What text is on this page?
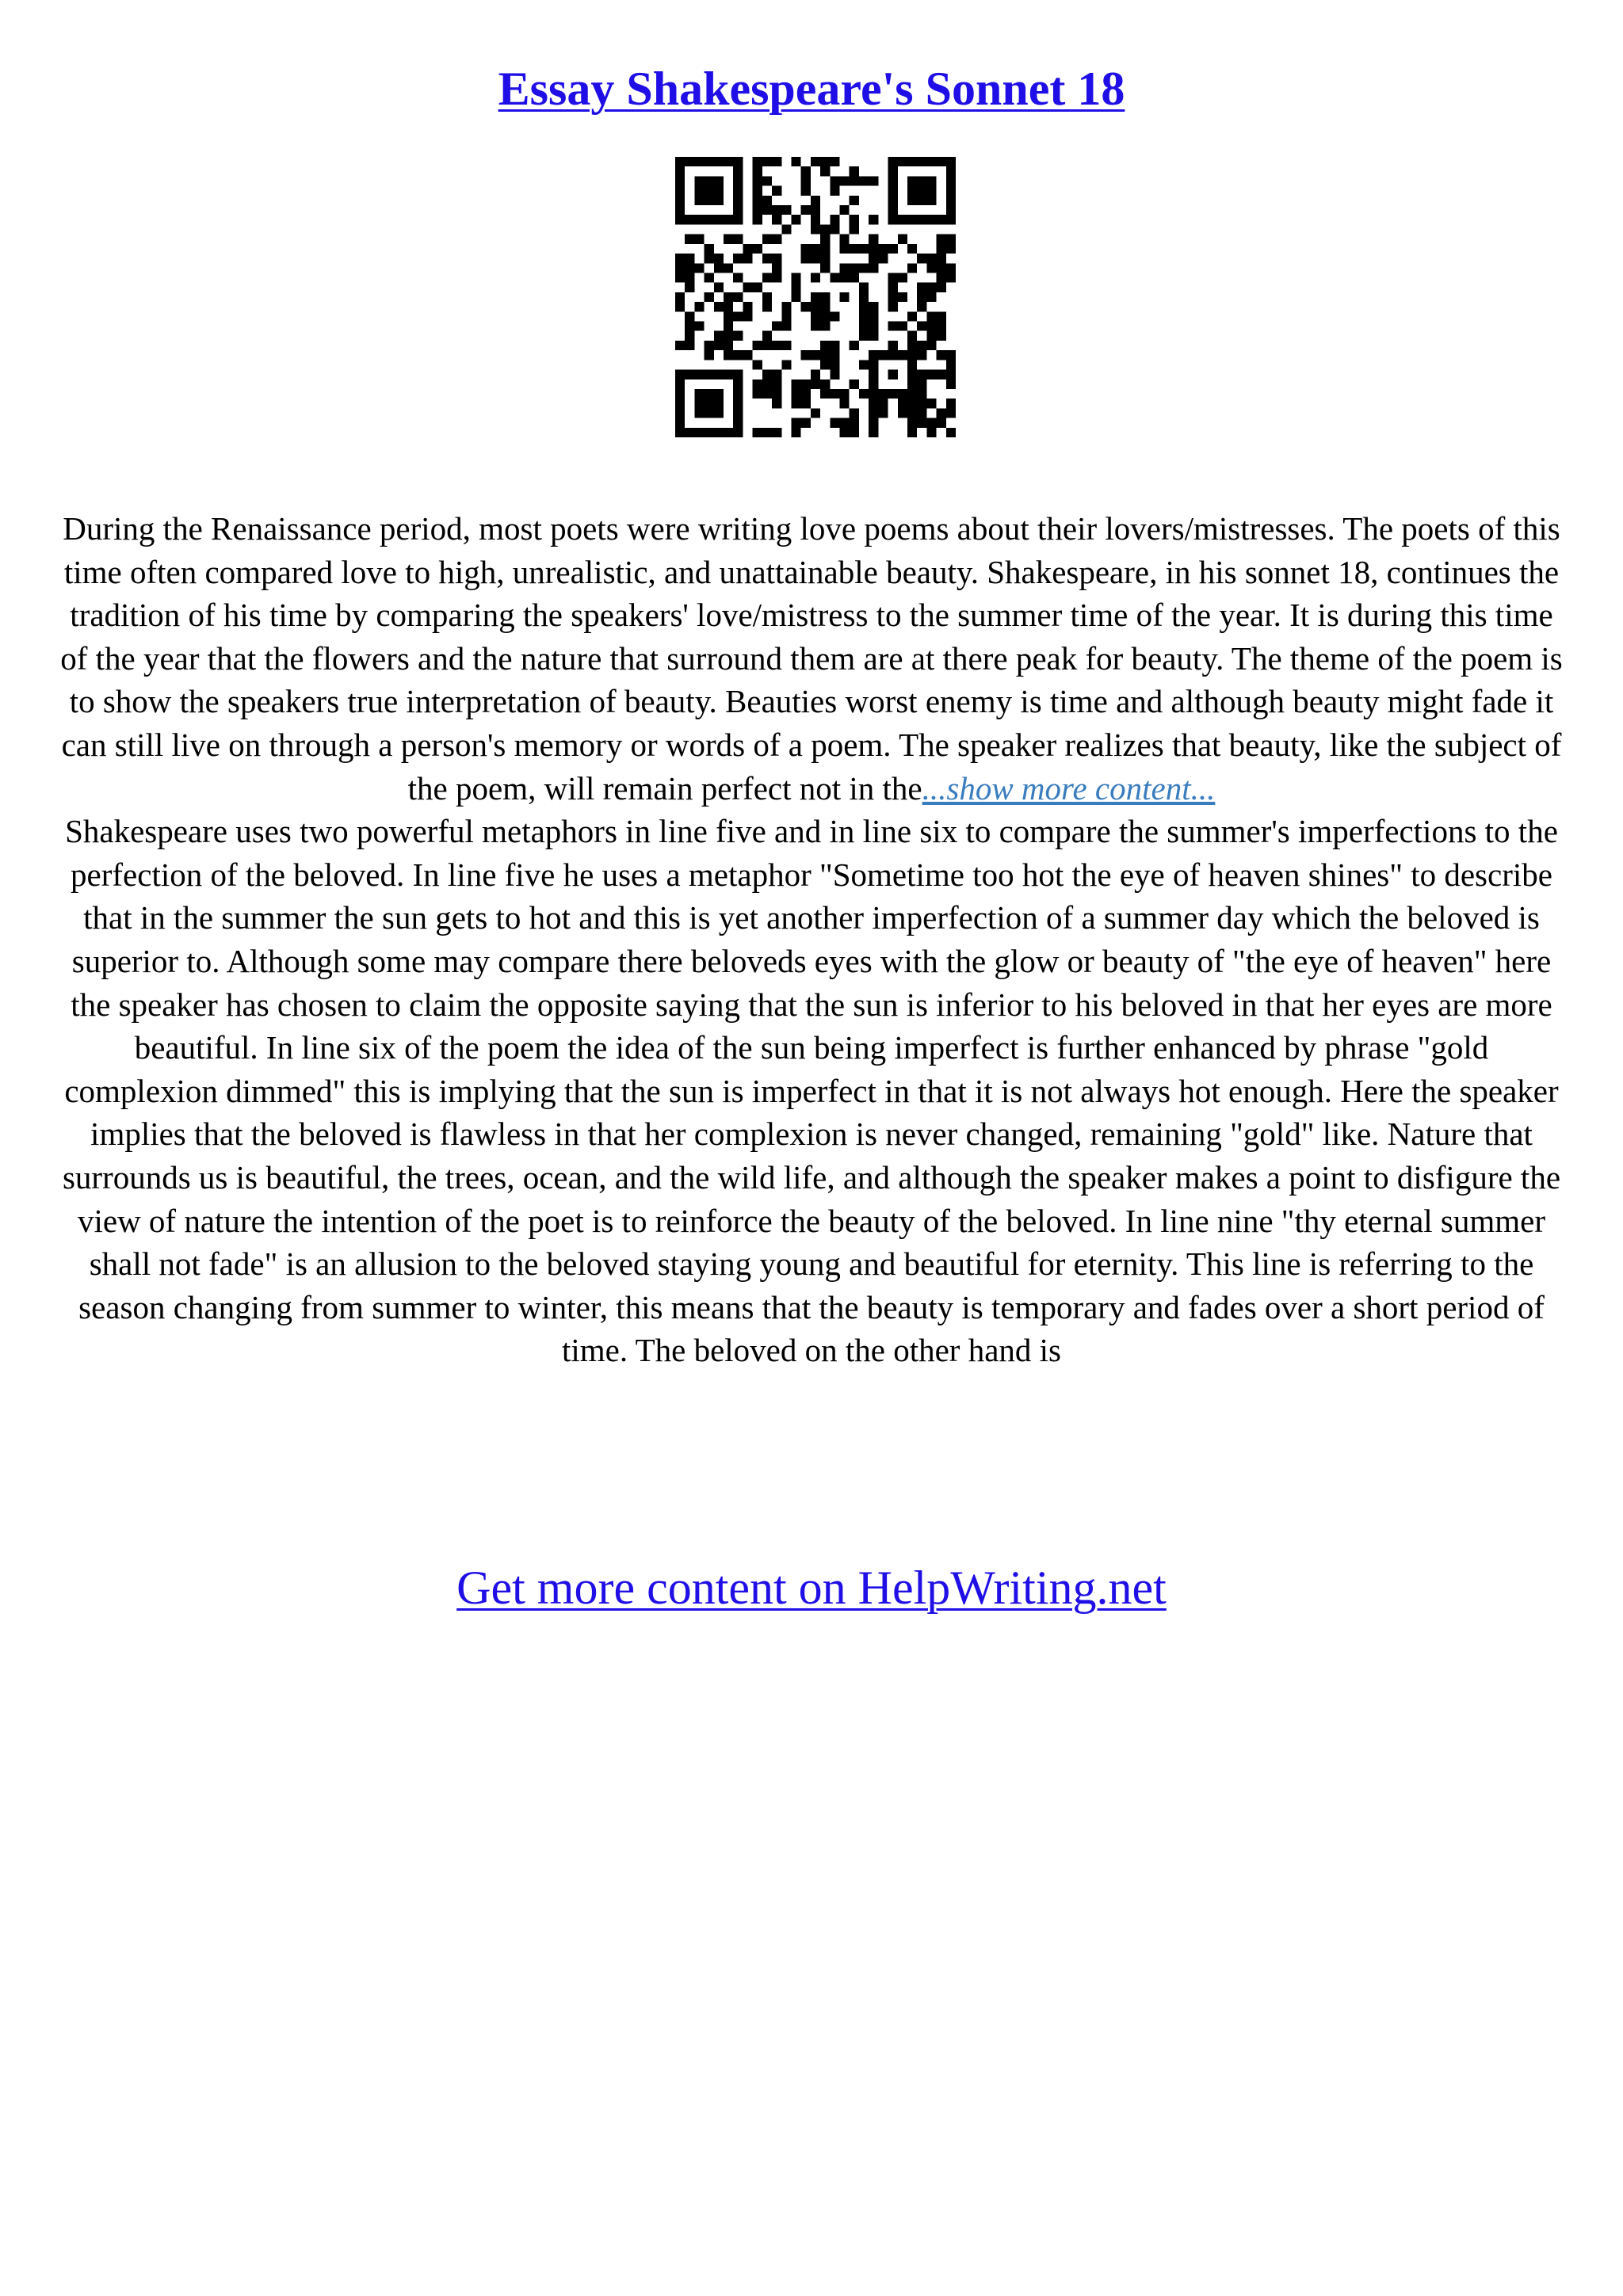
Essay Shakespeare's Sonnet 18
During the Renaissance period, most poets were writing love poems about their lovers/mistresses. The poets of this time often compared love to high, unrealistic, and unattainable beauty. Shakespeare, in his sonnet 18, continues the tradition of his time by comparing the speakers' love/mistress to the summer time of the year. It is during this time of the year that the flowers and the nature that surround them are at there peak for beauty. The theme of the poem is to show the speakers true interpretation of beauty. Beauties worst enemy is time and although beauty might fade it can still live on through a person's memory or words of a poem. The speaker realizes that beauty, like the subject of the poem, will remain perfect not in the...show more content...
Shakespeare uses two powerful metaphors in line five and in line six to compare the summer's imperfections to the perfection of the beloved. In line five he uses a metaphor "Sometime too hot the eye of heaven shines" to describe that in the summer the sun gets to hot and this is yet another imperfection of a summer day which the beloved is superior to. Although some may compare there beloveds eyes with the glow or beauty of "the eye of heaven" here the speaker has chosen to claim the opposite saying that the sun is inferior to his beloved in that her eyes are more beautiful. In line six of the poem the idea of the sun being imperfect is further enhanced by phrase "gold complexion dimmed" this is implying that the sun is imperfect in that it is not always hot enough. Here the speaker implies that the beloved is flawless in that her complexion is never changed, remaining "gold" like. Nature that surrounds us is beautiful, the trees, ocean, and the wild life, and although the speaker makes a point to disfigure the view of nature the intention of the poet is to reinforce the beauty of the beloved. In line nine "thy eternal summer shall not fade" is an allusion to the beloved staying young and beautiful for eternity. This line is referring to the season changing from summer to winter, this means that the beauty is temporary and fades over a short period of time. The beloved on the other hand is
Get more content on HelpWriting.net
